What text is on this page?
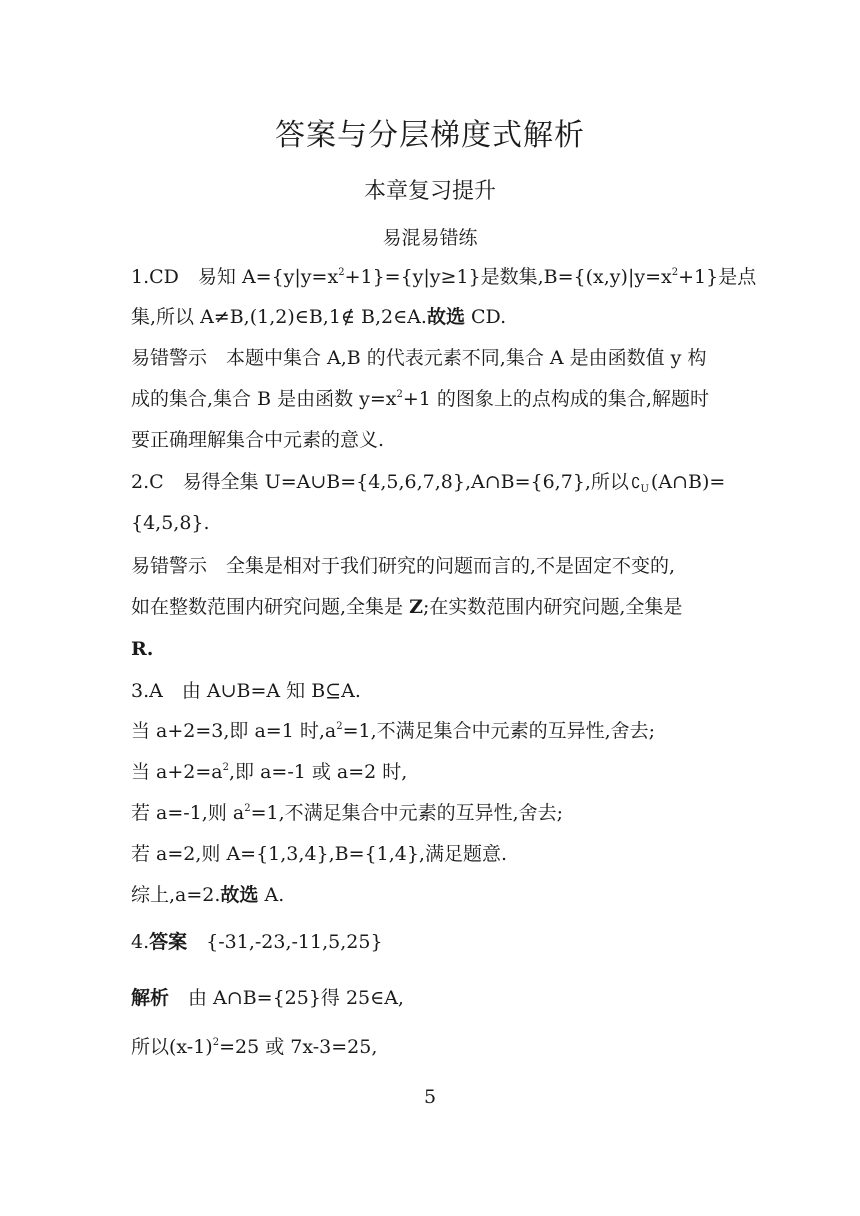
答案与分层梯度式解析
本章复习提升
易混易错练
1.CD　易知 $A=\{y|y=x^2+1\}=\{y|y\ge 1\}$是数集$,B=\{(x,y)|y=x^2+1\}$是点
集,所以 A≠B,(1,2)∈B,1∉ B,2∈A.故选 CD.
易错警示　本题中集合 A,B 的代表元素不同,集合 A 是由函数值 y 构
成的集合,集合 B 是由函数 $y=x^2+1$ 的图象上的点构成的集合,解题时
要正确理解集合中元素的意义.
2.C　易得全集 U=A∪B={4,5,6,7,8},A∩B={6,7},所以 $∁_U$ (A∩B)=
{4,5,8}.
易错警示　全集是相对于我们研究的问题而言的,不是固定不变的,
如在整数范围内研究问题,全集是 Z;在实数范围内研究问题,全集是
R.
3.A　由 A∪B=A 知 B⊆A.
当 a+2=3,即 a=1 时$,a^2=1$,不满足集合中元素的互异性,舍去;
当 $a+2=a^2$,即 a=-1 或 a=2 时,
若 a=-1,则 $a^2=1$,不满足集合中元素的互异性,舍去;
若 a=2,则 A={1,3,4},B={1,4},满足题意.
综上,a=2.故选 A.
4.答案　{-31,-23,-11,5,25}
解析　由 A∩B={25}得 25∈A,
所以$(x-1)^2=25$ 或 7x-3=25,
5
